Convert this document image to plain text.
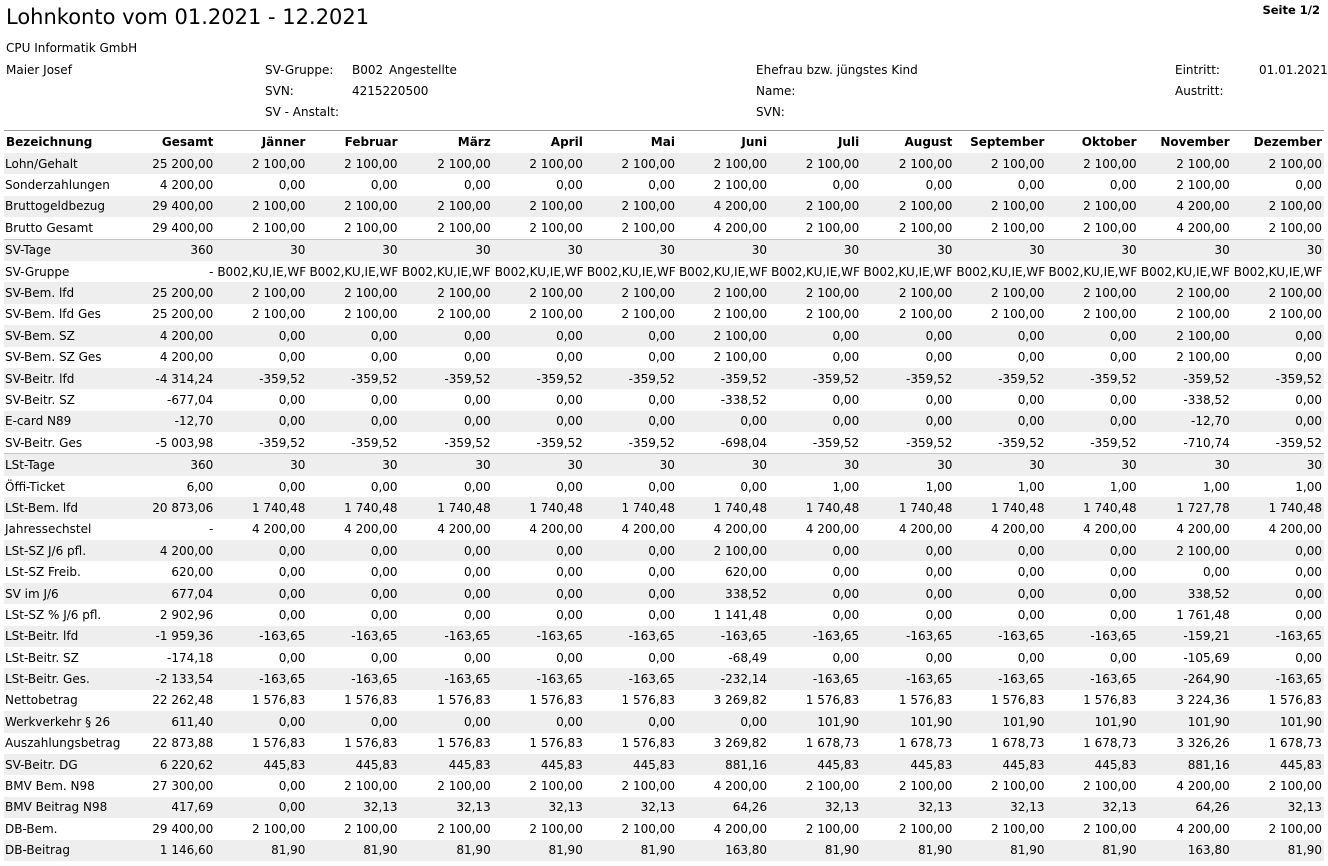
Lohnkonto vom 01.2021 - 12.2021	Seite 1/2
CPU Informatik GmbH
Maier Josef	SV-Gruppe: B002 Angestellte
SVN:	4215220500
SV - Anstalt:
Ehefrau bzw. jüngstes Kind
Name:
SVN:
Eintritt:	01.01.2021
Austritt:
Bezeichnung	Gesamt	Jänner	Februar	März	April	Mai	Juni	Juli	August	September	Oktober	November	Dezember
Lohn/Gehalt	25 200,00	2 100,00	2 100,00	2 100,00	2 100,00	2 100,00	2 100,00	2 100,00	2 100,00	2 100,00	2 100,00	2 100,00	2 100,00
Sonderzahlungen	4 200,00	0,00	0,00	0,00	0,00	0,00	2 100,00	0,00	0,00	0,00	0,00	2 100,00	0,00
Bruttogeldbezug	29 400,00	2 100,00	2 100,00	2 100,00	2 100,00	2 100,00	4 200,00	2 100,00	2 100,00	2 100,00	2 100,00	4 200,00	2 100,00
Brutto Gesamt	29 400,00	2 100,00	2 100,00	2 100,00	2 100,00	2 100,00	4 200,00	2 100,00	2 100,00	2 100,00	2 100,00	4 200,00	2 100,00
SV-Tage	360	30	30	30	30	30	30	30	30	30	30	30	30
SV-Gruppe	-	B002,KU,IE,WF	B002,KU,IE,WF	B002,KU,IE,WF	B002,KU,IE,WF	B002,KU,IE,WF	B002,KU,IE,WF	B002,KU,IE,WF	B002,KU,IE,WF	B002,KU,IE,WF	B002,KU,IE,WF	B002,KU,IE,WF	B002,KU,IE,WF
SV-Bem. lfd	25 200,00	2 100,00	2 100,00	2 100,00	2 100,00	2 100,00	2 100,00	2 100,00	2 100,00	2 100,00	2 100,00	2 100,00	2 100,00
SV-Bem. lfd Ges	25 200,00	2 100,00	2 100,00	2 100,00	2 100,00	2 100,00	2 100,00	2 100,00	2 100,00	2 100,00	2 100,00	2 100,00	2 100,00
SV-Bem. SZ	4 200,00	0,00	0,00	0,00	0,00	0,00	2 100,00	0,00	0,00	0,00	0,00	2 100,00	0,00
SV-Bem. SZ Ges	4 200,00	0,00	0,00	0,00	0,00	0,00	2 100,00	0,00	0,00	0,00	0,00	2 100,00	0,00
SV-Beitr. lfd	-4 314,24	-359,52	-359,52	-359,52	-359,52	-359,52	-359,52	-359,52	-359,52	-359,52	-359,52	-359,52	-359,52
SV-Beitr. SZ	-677,04	0,00	0,00	0,00	0,00	0,00	-338,52	0,00	0,00	0,00	0,00	-338,52	0,00
E-card N89	-12,70	0,00	0,00	0,00	0,00	0,00	0,00	0,00	0,00	0,00	0,00	-12,70	0,00
SV-Beitr. Ges	-5 003,98	-359,52	-359,52	-359,52	-359,52	-359,52	-698,04	-359,52	-359,52	-359,52	-359,52	-710,74	-359,52
LSt-Tage	360	30	30	30	30	30	30	30	30	30	30	30	30
Öffi-Ticket	6,00	0,00	0,00	0,00	0,00	0,00	0,00	1,00	1,00	1,00	1,00	1,00	1,00
LSt-Bem. lfd	20 873,06	1 740,48	1 740,48	1 740,48	1 740,48	1 740,48	1 740,48	1 740,48	1 740,48	1 740,48	1 740,48	1 727,78	1 740,48
Jahressechstel	-	4 200,00	4 200,00	4 200,00	4 200,00	4 200,00	4 200,00	4 200,00	4 200,00	4 200,00	4 200,00	4 200,00	4 200,00
LSt-SZ J/6 pfl.	4 200,00	0,00	0,00	0,00	0,00	0,00	2 100,00	0,00	0,00	0,00	0,00	2 100,00	0,00
LSt-SZ Freib.	620,00	0,00	0,00	0,00	0,00	0,00	620,00	0,00	0,00	0,00	0,00	0,00	0,00
SV im J/6	677,04	0,00	0,00	0,00	0,00	0,00	338,52	0,00	0,00	0,00	0,00	338,52	0,00
LSt-SZ % J/6 pfl.	2 902,96	0,00	0,00	0,00	0,00	0,00	1 141,48	0,00	0,00	0,00	0,00	1 761,48	0,00
LSt-Beitr. lfd	-1 959,36	-163,65	-163,65	-163,65	-163,65	-163,65	-163,65	-163,65	-163,65	-163,65	-163,65	-159,21	-163,65
LSt-Beitr. SZ	-174,18	0,00	0,00	0,00	0,00	0,00	-68,49	0,00	0,00	0,00	0,00	-105,69	0,00
LSt-Beitr. Ges.	-2 133,54	-163,65	-163,65	-163,65	-163,65	-163,65	-232,14	-163,65	-163,65	-163,65	-163,65	-264,90	-163,65
Nettobetrag	22 262,48	1 576,83	1 576,83	1 576,83	1 576,83	1 576,83	3 269,82	1 576,83	1 576,83	1 576,83	1 576,83	3 224,36	1 576,83
Werkverkehr § 26	611,40	0,00	0,00	0,00	0,00	0,00	0,00	101,90	101,90	101,90	101,90	101,90	101,90
Auszahlungsbetrag	22 873,88	1 576,83	1 576,83	1 576,83	1 576,83	1 576,83	3 269,82	1 678,73	1 678,73	1 678,73	1 678,73	3 326,26	1 678,73
SV-Beitr. DG	6 220,62	445,83	445,83	445,83	445,83	445,83	881,16	445,83	445,83	445,83	445,83	881,16	445,83
BMV Bem. N98	27 300,00	0,00	2 100,00	2 100,00	2 100,00	2 100,00	4 200,00	2 100,00	2 100,00	2 100,00	2 100,00	4 200,00	2 100,00
BMV Beitrag N98	417,69	0,00	32,13	32,13	32,13	32,13	64,26	32,13	32,13	32,13	32,13	64,26	32,13
DB-Bem.	29 400,00	2 100,00	2 100,00	2 100,00	2 100,00	2 100,00	4 200,00	2 100,00	2 100,00	2 100,00	2 100,00	4 200,00	2 100,00
DB-Beitrag	1 146,60	81,90	81,90	81,90	81,90	81,90	163,80	81,90	81,90	81,90	81,90	163,80	81,90
